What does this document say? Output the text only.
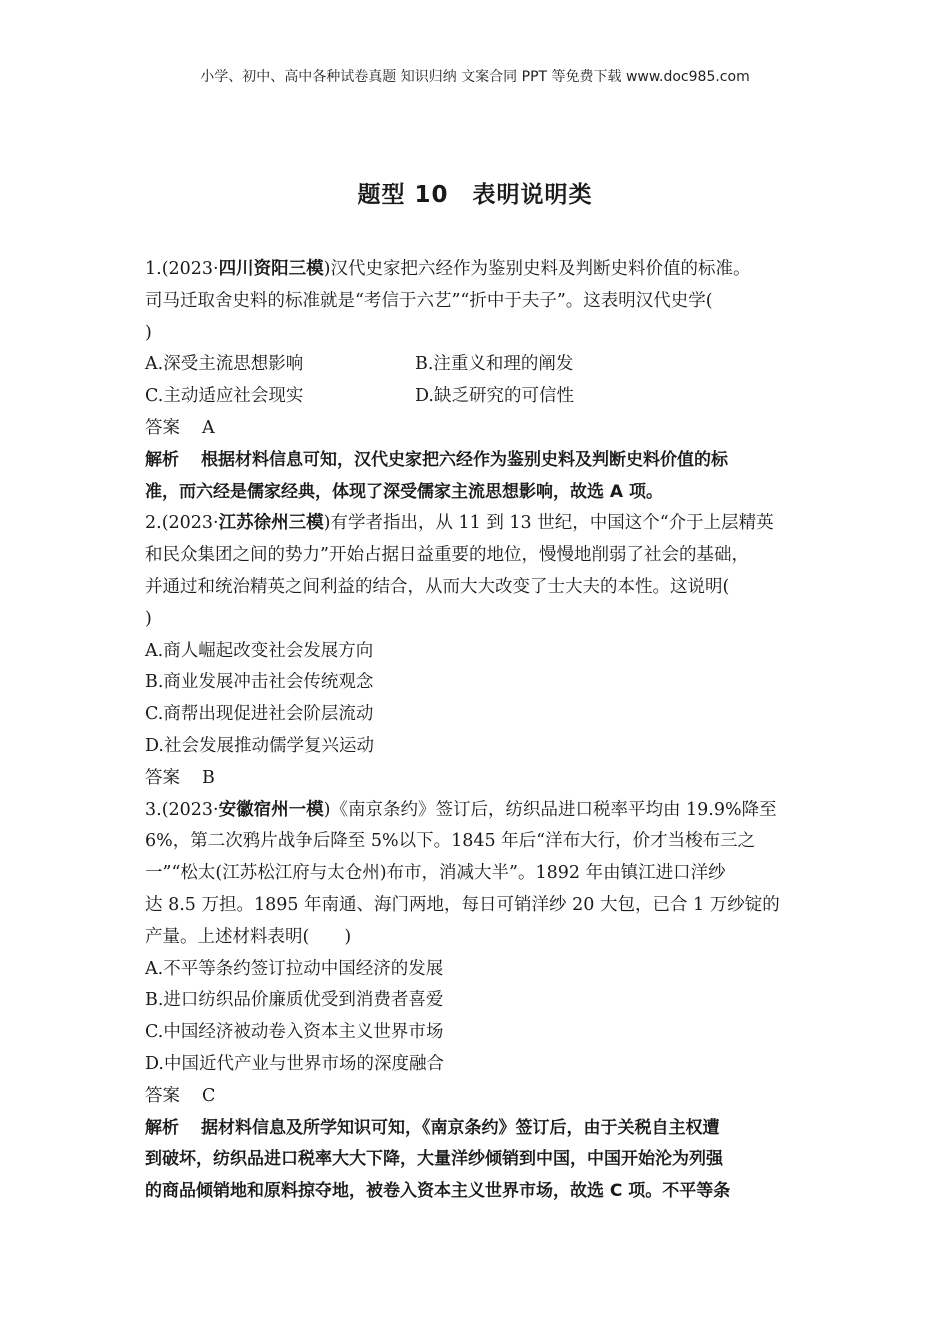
小学、初中、高中各种试卷真题 知识归纳 文案合同 PPT 等免费下载 www.doc985.com
题型 10　表明说明类
1.(2023·四川资阳三模)汉代史家把六经作为鉴别史料及判断史料价值的标准。
司马迁取舍史料的标准就是“考信于六艺”“折中于夫子”。这表明汉代史学(
)
A.深受主流思想影响	B.注重义和理的阐发
C.主动适应社会现实	D.缺乏研究的可信性
答案 A
解析 根据材料信息可知，汉代史家把六经作为鉴别史料及判断史料价值的标
准，而六经是儒家经典，体现了深受儒家主流思想影响，故选 A 项。
2.(2023·江苏徐州三模)有学者指出，从 11 到 13 世纪，中国这个“介于上层精英
和民众集团之间的势力”开始占据日益重要的地位，慢慢地削弱了社会的基础，
并通过和统治精英之间利益的结合，从而大大改变了士大夫的本性。这说明(
)
A.商人崛起改变社会发展方向
B.商业发展冲击社会传统观念
C.商帮出现促进社会阶层流动
D.社会发展推动儒学复兴运动
答案 B
3.(2023·安徽宿州一模)《南京条约》签订后，纺织品进口税率平均由 19.9%降至
6%，第二次鸦片战争后降至 5%以下。1845 年后“洋布大行，价才当梭布三之
一”“松太(江苏松江府与太仓州)布市，消减大半”。1892 年由镇江进口洋纱
达 8.5 万担。1895 年南通、海门两地，每日可销洋纱 20 大包，已合 1 万纱锭的
产量。上述材料表明(　　)
A.不平等条约签订拉动中国经济的发展
B.进口纺织品价廉质优受到消费者喜爱
C.中国经济被动卷入资本主义世界市场
D.中国近代产业与世界市场的深度融合
答案 C
解析 据材料信息及所学知识可知，《南京条约》签订后，由于关税自主权遭
到破坏，纺织品进口税率大大下降，大量洋纱倾销到中国，中国开始沦为列强
的商品倾销地和原料掠夺地，被卷入资本主义世界市场，故选 C 项。不平等条
